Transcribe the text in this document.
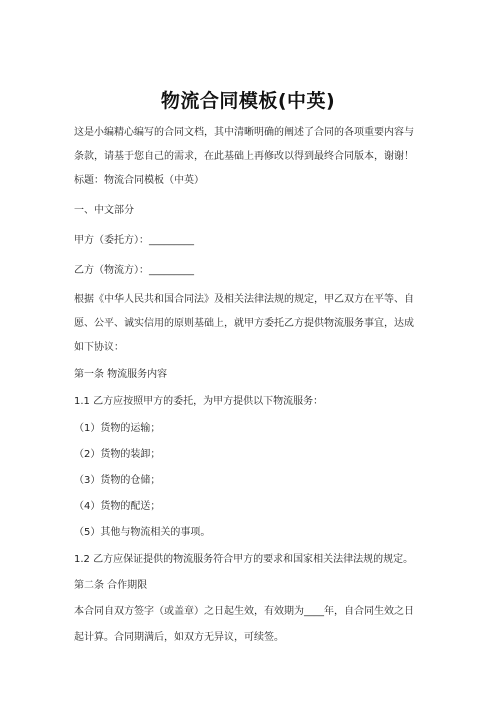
物流合同模板(中英)
这是小编精心编写的合同文档，其中清晰明确的阐述了合同的各项重要内容与
条款，请基于您自己的需求，在此基础上再修改以得到最终合同版本，谢谢！
标题：物流合同模板（中英）
一、中文部分
甲方（委托方）：_________
乙方（物流方）：_________
根据《中华人民共和国合同法》及相关法律法规的规定，甲乙双方在平等、自
愿、公平、诚实信用的原则基础上，就甲方委托乙方提供物流服务事宜，达成
如下协议：
第一条 物流服务内容
1.1 乙方应按照甲方的委托，为甲方提供以下物流服务：
（1）货物的运输；
（2）货物的装卸；
（3）货物的仓储；
（4）货物的配送；
（5）其他与物流相关的事项。
1.2 乙方应保证提供的物流服务符合甲方的要求和国家相关法律法规的规定。
第二条 合作期限
本合同自双方签字（或盖章）之日起生效，有效期为____年，自合同生效之日
起计算。合同期满后，如双方无异议，可续签。
